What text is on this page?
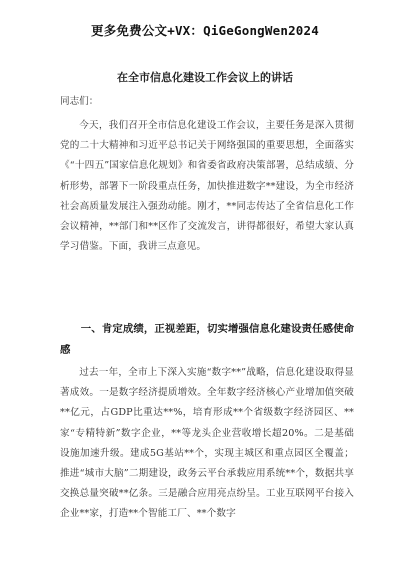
更多免费公文+VX：QiGeGongWen2024
在全市信息化建设工作会议上的讲话
同志们：
今天，我们召开全市信息化建设工作会议，主要任务是深入贯彻党的二十大精神和习近平总书记关于网络强国的重要思想，全面落实《“十四五”国家信息化规划》和省委省政府决策部署，总结成绩、分析形势，部署下一阶段重点任务，加快推进数字**建设，为全市经济社会高质量发展注入强劲动能。刚才，**同志传达了全省信息化工作会议精神，**部门和**区作了交流发言，讲得都很好，希望大家认真学习借鉴。下面，我讲三点意见。
一、肯定成绩，正视差距，切实增强信息化建设责任感使命感
过去一年，全市上下深入实施“数字**”战略，信息化建设取得显著成效。一是数字经济提质增效。全年数字经济核心产业增加值突破**亿元，占GDP比重达**%，培育形成**个省级数字经济园区、**家“专精特新”数字企业，**等龙头企业营收增长超20%。二是基础设施加速升级。建成5G基站**个，实现主城区和重点园区全覆盖；推进“城市大脑”二期建设，政务云平台承载应用系统**个，数据共享交换总量突破**亿条。三是融合应用亮点纷呈。工业互联网平台接入企业**家，打造**个智能工厂、**个数字
